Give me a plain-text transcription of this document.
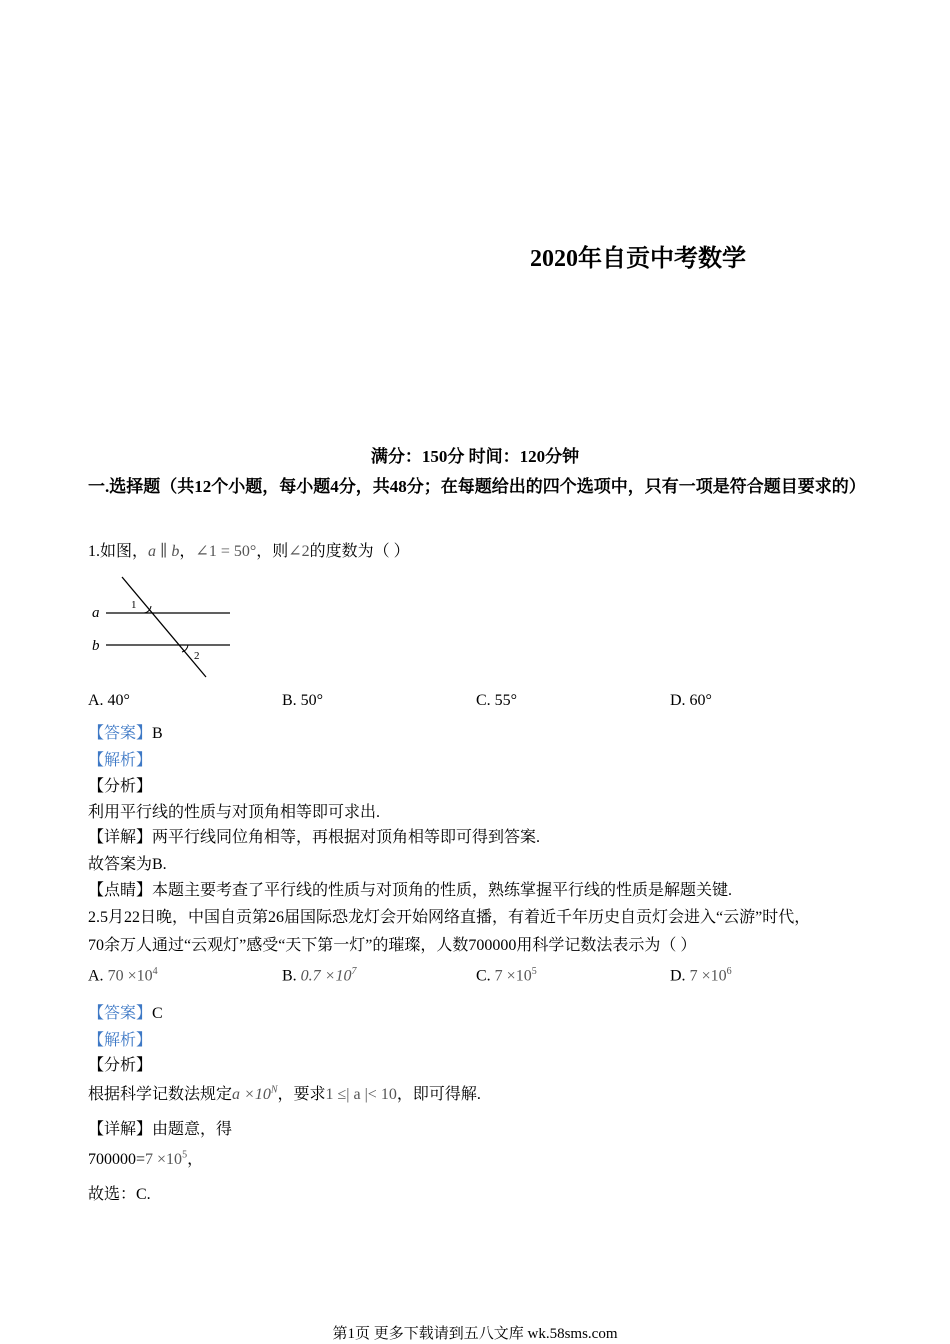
2020年自贡中考数学
满分：150分 时间：120分钟
一.选择题（共12个小题，每小题4分，共48分；在每题给出的四个选项中，只有一项是符合题目要求的）
1.如图，a ∥ b，∠1 = 50°，则∠2的度数为（ ）
a
b
1
2
A. 40°	B. 50°	C. 55°	D. 60°
【答案】B
【解析】
【分析】
利用平行线的性质与对顶角相等即可求出.
【详解】两平行线同位角相等，再根据对顶角相等即可得到答案.
故答案为B.
【点睛】本题主要考查了平行线的性质与对顶角的性质，熟练掌握平行线的性质是解题关键.
2.5月22日晚，中国自贡第26届国际恐龙灯会开始网络直播，有着近千年历史自贡灯会进入“云游”时代，
70余万人通过“云观灯”感受“天下第一灯”的璀璨，人数700000用科学记数法表示为（ ）
A. $70 \times 10^4$	B. $0.7 \times 10^7$	C. $7 \times 10^5$	D. $7 \times 10^6$
【答案】C
【解析】
【分析】
根据科学记数法规定$a \times 10^N$，要求1 ≤| a |< 10，即可得解.
【详解】由题意，得
$700000=7 \times 10^5$，
故选：C.
第1页 更多下载请到五八文库 wk.58sms.com
